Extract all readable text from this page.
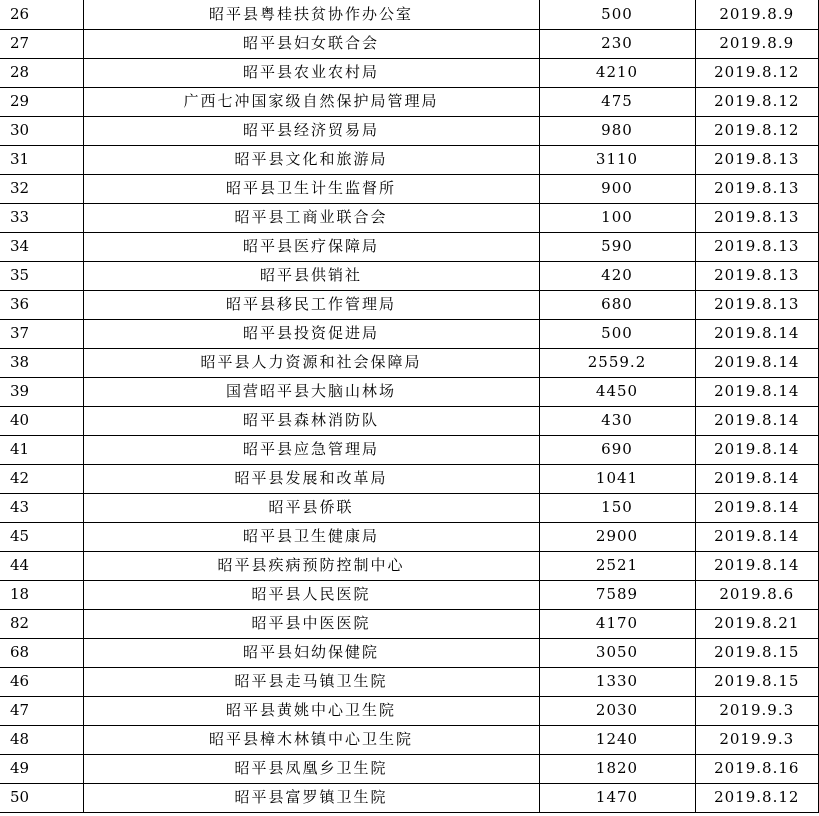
26	昭平县粤桂扶贫协作办公室	500	2019.8.9
27	昭平县妇女联合会	230	2019.8.9
28	昭平县农业农村局	4210	2019.8.12
29	广西七冲国家级自然保护局管理局	475	2019.8.12
30	昭平县经济贸易局	980	2019.8.12
31	昭平县文化和旅游局	3110	2019.8.13
32	昭平县卫生计生监督所	900	2019.8.13
33	昭平县工商业联合会	100	2019.8.13
34	昭平县医疗保障局	590	2019.8.13
35	昭平县供销社	420	2019.8.13
36	昭平县移民工作管理局	680	2019.8.13
37	昭平县投资促进局	500	2019.8.14
38	昭平县人力资源和社会保障局	2559.2	2019.8.14
39	国营昭平县大脑山林场	4450	2019.8.14
40	昭平县森林消防队	430	2019.8.14
41	昭平县应急管理局	690	2019.8.14
42	昭平县发展和改革局	1041	2019.8.14
43	昭平县侨联	150	2019.8.14
45	昭平县卫生健康局	2900	2019.8.14
44	昭平县疾病预防控制中心	2521	2019.8.14
18	昭平县人民医院	7589	2019.8.6
82	昭平县中医医院	4170	2019.8.21
68	昭平县妇幼保健院	3050	2019.8.15
46	昭平县走马镇卫生院	1330	2019.8.15
47	昭平县黄姚中心卫生院	2030	2019.9.3
48	昭平县樟木林镇中心卫生院	1240	2019.9.3
49	昭平县凤凰乡卫生院	1820	2019.8.16
50	昭平县富罗镇卫生院	1470	2019.8.12
